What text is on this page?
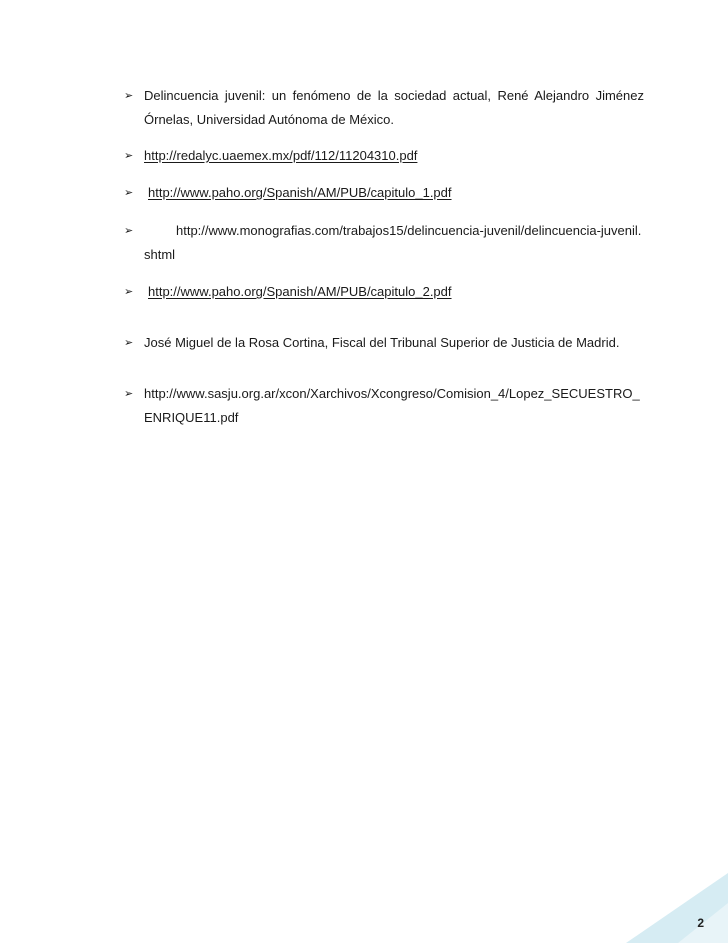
➢ Delincuencia juvenil: un fenómeno de la sociedad actual, René Alejandro Jiménez Órnelas, Universidad Autónoma de México.
➢ http://redalyc.uaemex.mx/pdf/112/11204310.pdf
➢	http://www.paho.org/Spanish/AM/PUB/capitulo_1.pdf
➢	http://www.monografias.com/trabajos15/delincuencia-juvenil/delincuencia-juvenil.shtml
➢	http://www.paho.org/Spanish/AM/PUB/capitulo_2.pdf
➢ José Miguel de la Rosa Cortina, Fiscal del Tribunal Superior de Justicia de Madrid.
➢ http://www.sasju.org.ar/xcon/Xarchivos/Xcongreso/Comision_4/Lopez_SECUESTRO_ENRIQUE11.pdf
2
